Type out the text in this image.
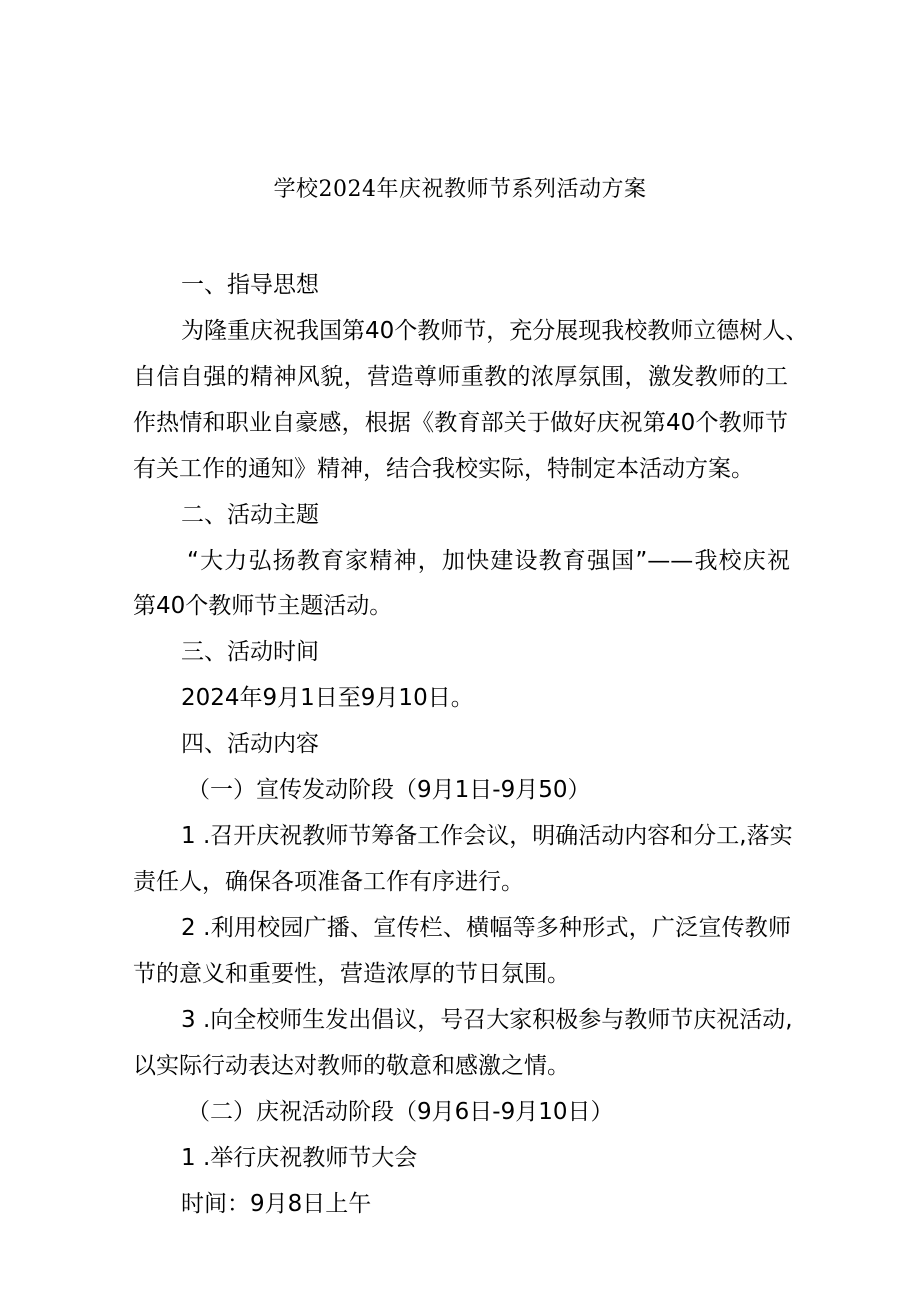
学校2024年庆祝教师节系列活动方案
一、指导思想
为隆重庆祝我国第40个教师节，充分展现我校教师立德树人、
自信自强的精神风貌，营造尊师重教的浓厚氛围，激发教师的工
作热情和职业自豪感，根据《教育部关于做好庆祝第40个教师节
有关工作的通知》精神，结合我校实际，特制定本活动方案。
二、活动主题
“大力弘扬教育家精神，加快建设教育强国”——我校庆祝
第40个教师节主题活动。
三、活动时间
2024年9月1日至9月10日。
四、活动内容
（一）宣传发动阶段（9月1日-9月50）
1 .召开庆祝教师节筹备工作会议，明确活动内容和分工,落实
责任人，确保各项准备工作有序进行。
2 .利用校园广播、宣传栏、横幅等多种形式，广泛宣传教师
节的意义和重要性，营造浓厚的节日氛围。
3 .向全校师生发出倡议，号召大家积极参与教师节庆祝活动,
以实际行动表达对教师的敬意和感激之情。
（二）庆祝活动阶段（9月6日-9月10日）
1 .举行庆祝教师节大会
时间：9月8日上午
